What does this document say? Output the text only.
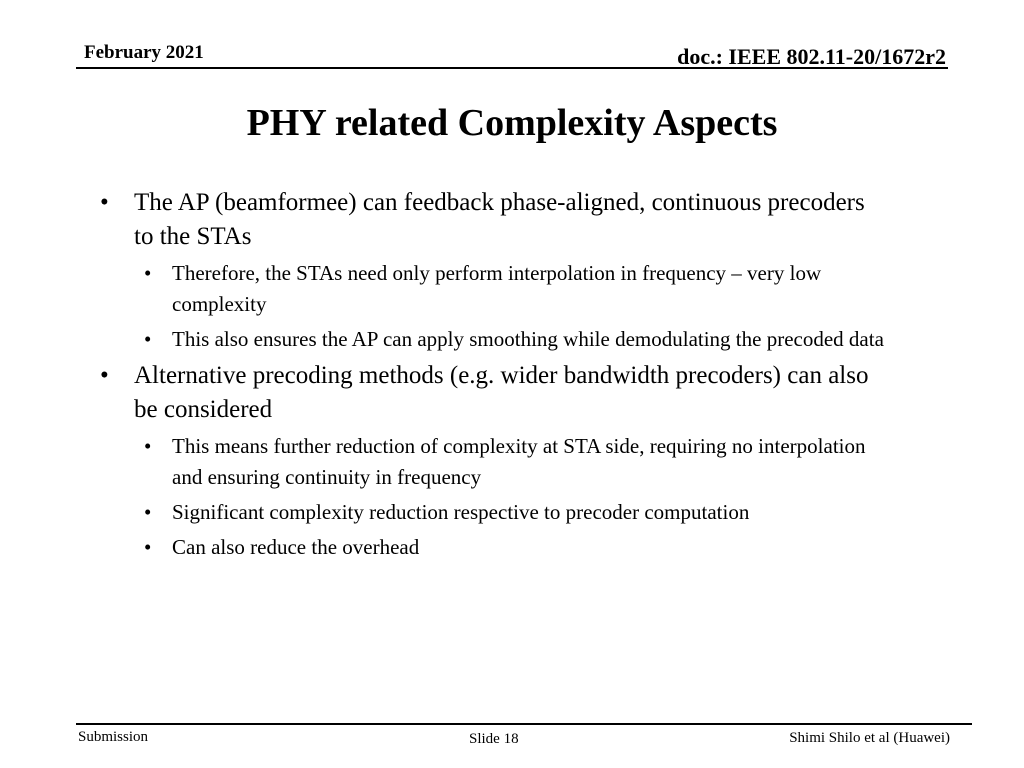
February 2021	doc.: IEEE 802.11-20/1672r2
PHY related Complexity Aspects
• The AP (beamformee) can feedback phase-aligned, continuous precoders to the STAs
• Therefore, the STAs need only perform interpolation in frequency – very low complexity
• This also ensures the AP can apply smoothing while demodulating the precoded data
• Alternative precoding methods (e.g. wider bandwidth precoders) can also be considered
• This means further reduction of complexity at STA side, requiring no interpolation and ensuring continuity in frequency
• Significant complexity reduction respective to precoder computation
• Can also reduce the overhead
Submission	Slide 18	Shimi Shilo et al (Huawei)
